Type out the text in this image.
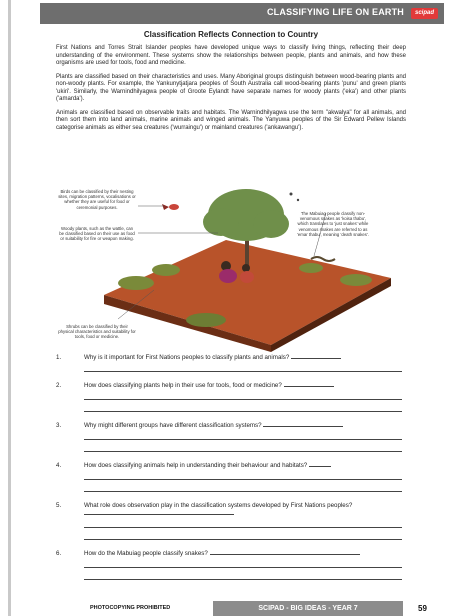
CLASSIFYING LIFE ON EARTH	scipad
Classification Reflects Connection to Country

First Nations and Torres Strait Islander peoples have developed unique ways to classify living things, reflecting their deep understanding of the environment. These systems show the relationships between people, plants and animals, and how these organisms are used for tools, food and medicine.

Plants are classified based on their characteristics and uses. Many Aboriginal groups distinguish between wood-bearing plants and non-woody plants. For example, the Yankunytjatjara peoples of South Australia call wood-bearing plants 'punu' and green plants 'ukiri'. Similarly, the Warnindhilyagwa people of Groote Eylandt have separate names for woody plants ('eka') and other plants ('amarda').

Animals are classified based on observable traits and habitats. The Warnindhilyagwa use the term "akwalya" for all animals, and then sort them into land animals, marine animals and winged animals. The Yanyuwa peoples of the Sir Edward Pellew Islands categorise animals as either sea creatures ('wurraingu') or mainland creatures ('ankawangu').

Birds can be classified by their nesting sites, migration patterns, vocalisations or whether they are useful for food or ceremonial purposes.
Woody plants, such as the wattle, can be classified based on their use as food or suitability for fire or weapon making.
The Mabuiag people classify non-venomous snakes as 'koisa thabu', which translates to 'just snakes' while venomous snakes are referred to as 'emar thabu', meaning 'death snakes'.
Shrubs can be classified by their physical characteristics and suitability for tools, food or medicine.
1.	Why is it important for First Nations peoples to classify plants and animals?
2.	How does classifying plants help in their use for tools, food or medicine?
3.	Why might different groups have different classification systems?
4.	How does classifying animals help in understanding their behaviour and habitats?
5.	What role does observation play in the classification systems developed by First Nations peoples?
6.	How do the Mabuiag people classify snakes?
PHOTOCOPYING PROHIBITED	SCIPAD - BIG IDEAS - YEAR 7	59
